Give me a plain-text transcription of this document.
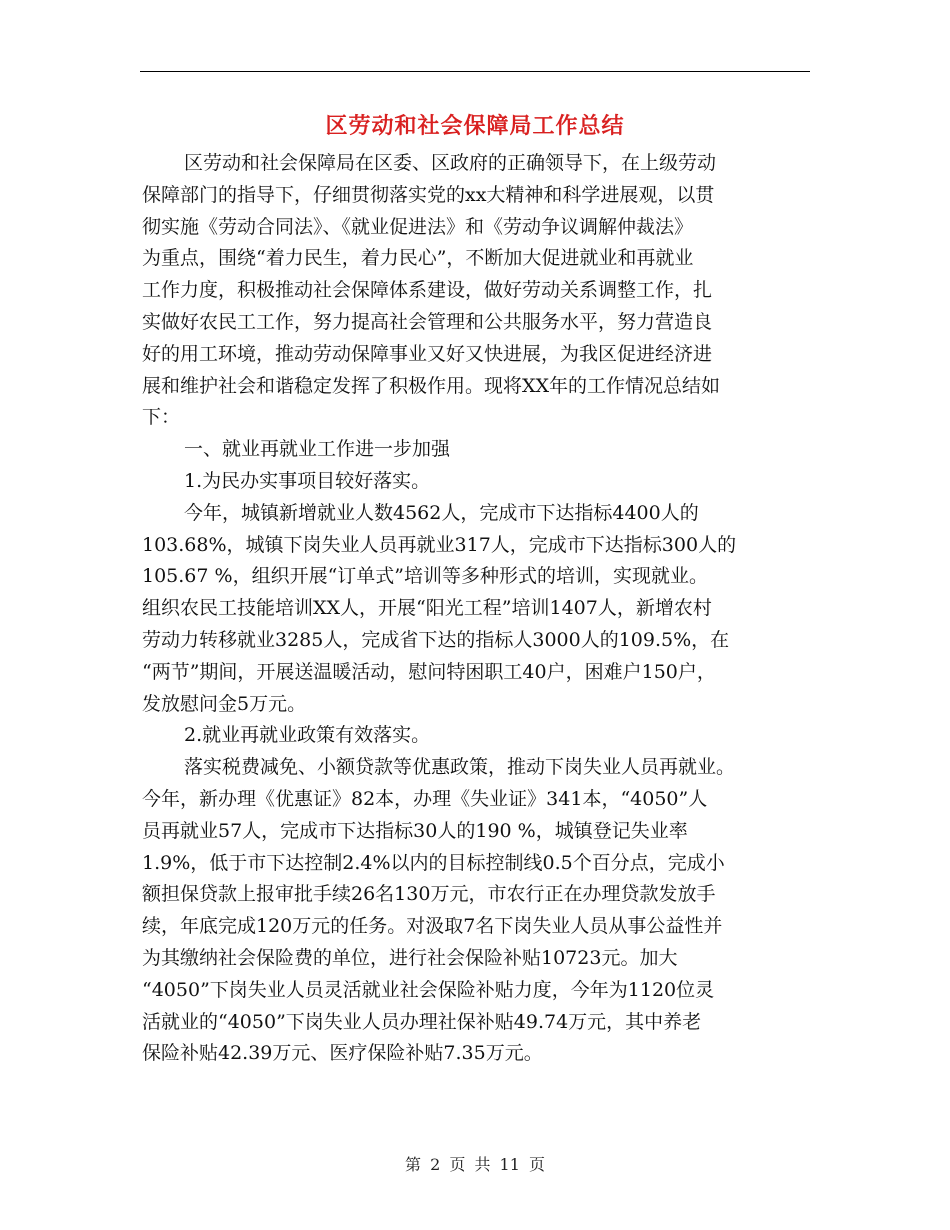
区劳动和社会保障局工作总结
区劳动和社会保障局在区委、区政府的正确领导下，在上级劳动
保障部门的指导下，仔细贯彻落实党的xx大精神和科学进展观，以贯
彻实施《劳动合同法》、《就业促进法》和《劳动争议调解仲裁法》
为重点，围绕“着力民生，着力民心”，不断加大促进就业和再就业
工作力度，积极推动社会保障体系建设，做好劳动关系调整工作，扎
实做好农民工工作，努力提高社会管理和公共服务水平，努力营造良
好的用工环境，推动劳动保障事业又好又快进展，为我区促进经济进
展和维护社会和谐稳定发挥了积极作用。现将XX年的工作情况总结如
下：
一、就业再就业工作进一步加强
1.为民办实事项目较好落实。
今年，城镇新增就业人数4562人，完成市下达指标4400人的
103.68%，城镇下岗失业人员再就业317人，完成市下达指标300人的
105.67 %，组织开展“订单式”培训等多种形式的培训，实现就业。
组织农民工技能培训XX人，开展“阳光工程”培训1407人，新增农村
劳动力转移就业3285人，完成省下达的指标人3000人的109.5%，在
“两节”期间，开展送温暖活动，慰问特困职工40户，困难户150户，
发放慰问金5万元。
2.就业再就业政策有效落实。
落实税费减免、小额贷款等优惠政策，推动下岗失业人员再就业。
今年，新办理《优惠证》82本，办理《失业证》341本，“4050”人
员再就业57人，完成市下达指标30人的190 %，城镇登记失业率
1.9%，低于市下达控制2.4%以内的目标控制线0.5个百分点，完成小
额担保贷款上报审批手续26名130万元，市农行正在办理贷款发放手
续，年底完成120万元的任务。对汲取7名下岗失业人员从事公益性并
为其缴纳社会保险费的单位，进行社会保险补贴10723元。加大
“4050”下岗失业人员灵活就业社会保险补贴力度，今年为1120位灵
活就业的“4050”下岗失业人员办理社保补贴49.74万元，其中养老
保险补贴42.39万元、医疗保险补贴7.35万元。
第 2 页 共 11 页
